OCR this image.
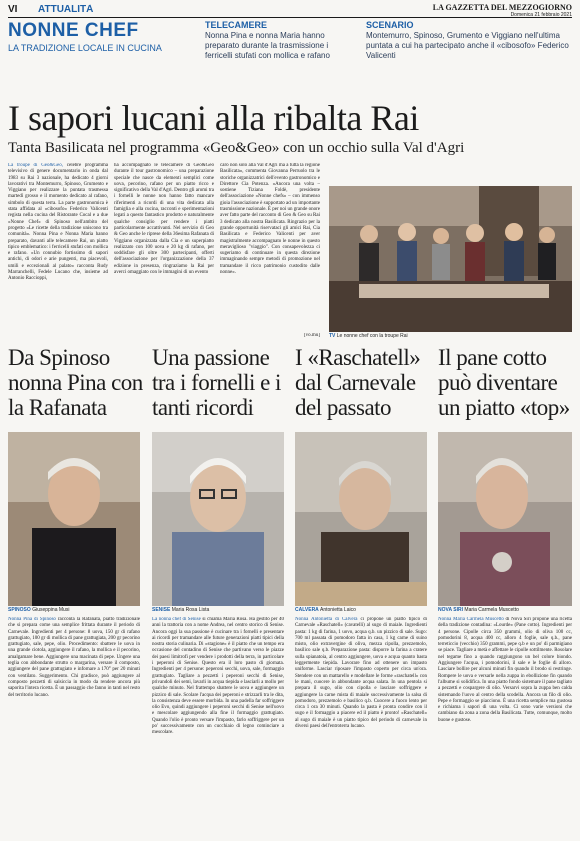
VI ATTUALITÀ	LA GAZZETTA DEL MEZZOGIORNO
Domenica 21 febbraio 2021
NONNE CHEF
LA TRADIZIONE LOCALE IN CUCINA
TELECAMERE
Nonna Pina e nonna Maria hanno preparato durante la trasmissione i ferricelli stufati con mollica e rafano
SCENARIO
Montemurro, Spinoso, Grumento e Viggiano nell'ultima puntata a cui ha partecipato anche il «cibosofo» Federico Valicenti
I sapori lucani alla ribalta Rai
Tanta Basilicata nel programma «Geo&Geo» con un occhio sulla Val d'Agri
La troupe di Geo&Geo, celebre programma televisivo di genere documentario in onda dal 1983 su Rai 3 nazionale, ha dedicato 4 giorni lavorativi tra Montemurro, Spinoso, Grumento e Viggiano per realizzare la puntata trasmessa martedì grosso e il momento dedicato al rafano, simbolo di questa terra. La parte gastronomica è stata affidata al «cibosofo» Federico Valicenti regista nella cucina del Ristorante Cocal e a due «Nonne Chef» di Spinoso nell'ambito del progetto «Le ricette della tradizione uniscono tra comunità». Nonna Pina e Nonna Maria hanno preparato, davanti alle telecamere Rai, un piatto tipico emblematico: i ferricelli stufati con mollica e rafano. «Un connubio fortissimo di sapori antichi, di odori e arie pungenti, ma piacevoli, umili e eccezionali al palato» racconta Rudy Marranchelli, Fedele Lucano che, insieme ad Antonio Raccioppi,
ha accompagnato le telecamere di Geo&Geo durante il tour gastronomico – una preparazione speciale che nasce da elementi semplici come uova, pecorino, rafano per un piatto ricco e significativo della Val d'Agri. Dentro gli aromi tra i fornelli le nonne non hanno fatto mancare riferimenti a ricordi di una vita dedicata alla famiglia e alla cucina, racconti e sperimentazioni legati a questo fantastico prodotto e naturalmente qualche consiglio per rendere i piatti particolarmente accattivanti. Nel servizio di Geo & Geo anche le riprese della 36esima Rafanata di Viggiano organizzata dalla Cia e un superpiatto realizzato con 100 uova e 20 kg di rafano, per soddisfare gli oltre 300 partecipanti, offerti dell'associazione per l'organizzazione della 37 edizione in presenza, ringraziamo la Rai per averci omaggiato con le immagini di un evento
caro non solo alla Val d'Agri ma a tutta la regione Basilicata», commenta Giovanna Perruolo tra le storiche organizzatrici dell'evento gastronomico e Direttore Cia Potenza. «Ancora una volta – sostiene Tiziana Foldè, presidente dell'associazione «Nonne chefs» – con immenso gioia l'associazione è supportato ad un importante trasmissione nazionale. È per noi un grande onore aver fatto parte del racconto di Geo & Geo su Rai 3 dedicato alla nostra Basilicata. Ringrazio per la grande opportunità riservataci gli amici Rai, Cia Basilicata e Federico Valicenti per aver magistralmente accompagnato le nonne in questo meraviglioso "viaggio". Con consapevolezza ci sugeriamo di continuare in questa direzione immaginando sempre metodi di promozione nel tramandare il ricco patrimonio custodito dalle nonne».
[vo.mu] TV Le nonne chef con la troupe Rai
Da Spinoso nonna Pina con la Rafanata
SPINOSO Giuseppina Musi
Nonna Pina di Spinoso racconta la Rafanata, piatto tradizionale che si prepara come una semplice frittata durante il periodo di Carnevale. Ingredienti per 4 persone: 8 uova, 150 gr di rafano grattugiato, 100 gr di mollica di pane grattugiata, 200 gr pecorino grattugiato, sale, pepe, olio. Procedimento: sbattere le uova in una grande ciotola, aggiungere il rafano, la mollica e il pecorino, amalgamare bene. Aggiungere una macinata di pepe. Ungere una teglia con abbondante strutto o margarina, versare il composto, aggiungere del pane grattugiato e infornare a 170° per 20 minuti con ventilato. Suggerimento. Chi gradisce, può aggiungere al composto pezzetti di salsiccia in modo da rendere ancora più saporita l'intera ricetta. È un passaggio che fanno in tanti nel resto del territorio lucano.
Una passione tra i fornelli e i tanti ricordi
SENISE Maria Rosa Lista
La nonna chef di Senise si chiama Maria Rosa. Ha gestito per 40 anni la trattoria con a nome Andrea, nel centro storico di Senise. Ancora oggi la sua passione è cucinare tra i fornelli e presentare ai ricordi per tramandare alle future generazioni piatti tipici della nostra storia culinaria. Di «stagione» è il piatto che un tempo era occasione del contadino di Senise che partivano verso le piazze dei paesi limitrofi per vendere i prodotti della terra, in particolare i peperoni di Senise. Questo era il loro pasto di giornata. Ingredienti per 4 persone: peperoni secchi, uova, sale, formaggio grattugiato. Tagliare a pezzetti i peperoni secchi di Senise, privandoli dei semi, lavarli in acqua tiepida e lasciarli a mollo per qualche minuto. Nel frattempo sbattere le uova e aggiungere un pizzico di sale. Scolare l'acqua dei peperoni e strizzarli tra le dita, la consistenza deve essere morbida. In una padella far soffriggere olio Evo, quindi aggiungere i peperoni secchi di Senise nell'uovo e mescolare aggiungendo alla fine il formaggio grattugiato. Quando l'olio è pronto versare l'impasto, farlo soffriggere per un po' successivamente con un cucchiaio di legno cominciare a mescolare.
I «Raschatell» dal Carnevale del passato
CALVERA Antonietta Laico
Nonna Antonietta di Calvera ci propone un piatto tipico di Carnevale «Raschatell» (cavatelli) al sugo di maiale. Ingredienti pasta: 1 kg di farina, 1 uovo, acqua q.b. un pizzico di sale. Sugo: 700 ml passata di pomodoro fatta in casa, 1 kg carne di suino misto, olio extravergine di oliva, mezza cipolla, prezzemolo, basilico sale q.b. Preparazione pasta: disporre la farina a cratere sulla spianatoia, al centro aggiungere, uova e acqua quanto basta leggermente tiepida. Lavorare fino ad ottenere un impasto uniforme. Lasciar riposare l'impasto coperto per circa un'ora. Stendere con un mattarello e modellare le forme «raschatell» con le mani, cuocere in abbondante acqua salata. In una pentola si prepara il sugo, olio con cipolla e lasciare soffriggere e aggiungere la carne mista di maiale successivamente la salsa di pomodoro, prezzemolo e basilico q.b. Cuocere a fuoco lento per circa 1 ora 30 minuti. Quando la pasta è pronta condire con il sugo e il formaggio a piacere ed il piatto è pronto! «Raschatell» al sugo di maiale è un piatto tipico del periodo di carnevale in diversi paesi dell'entroterra lucano.
Il pane cotto può diventare un piatto «top»
NOVA SIRI Maria Carmela Muscetto
Nonna Maria Carmela Muscetto di Nova Siri propone una ricetta della tradizione contadina: «Lourde» (Pane cotto). Ingredienti per 4 persone. Cipolle circa 350 grammi, olio di oliva 100 cc, pomodorini 8, acqua 400 cc, alloro 4 foglie, sale q.b., pane terreticcio (vecchio) 350 grammi, pepe q.b e un po' di parmigiano se piace. Tagliare a metà e affettare le cipolle sottilmente. Rosolare nel tegame fino a quando raggiungono un bel colore biondo. Aggiungere l'acqua, i pomodorini, il sale e le foglie di alloro. Lasciare bollire per alcuni minuti fin quando il brodo si restringe. Rompere le uova e versarle nella zuppa in ebollizione fin quando l'albume si solidifica. In una piatto fondo sistemare il pane tagliato a pezzetti e cospargere di olio. Versarvi sopra la zuppa ben calda sistemando l'uovo al centro della scodella. Ancora un filo di olio. Pepe e formaggio se piacciono. È una ricetta semplice ma gustosa e richiama i sapori di una volta. Ci sono varie versioni che cambiano da zona a zona della Basilicata. Tutte, comunque, molto buone e gustose.
